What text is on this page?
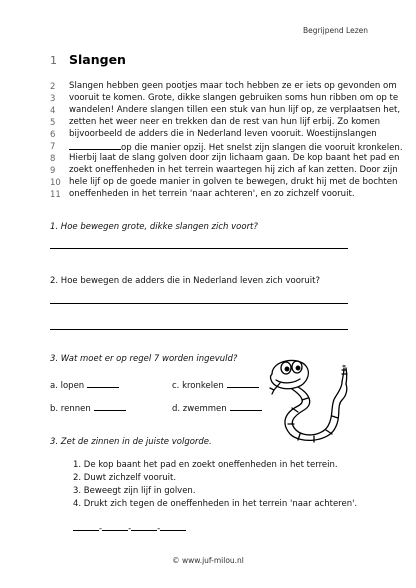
Begrijpend Lezen
1 Slangen
2	Slangen hebben geen pootjes maar toch hebben ze er iets op gevonden om
3	vooruit te komen. Grote, dikke slangen gebruiken soms hun ribben om op te
4	wandelen! Andere slangen tillen een stuk van hun lijf op, ze verplaatsen het,
5	zetten het weer neer en trekken dan de rest van hun lijf erbij. Zo komen
6	bijvoorbeeld de adders die in Nederland leven vooruit. Woestijnslangen
7	op die manier opzij. Het snelst zijn slangen die vooruit kronkelen.
8	Hierbij laat de slang golven door zijn lichaam gaan. De kop baant het pad en
9	zoekt oneffenheden in het terrein waartegen hij zich af kan zetten. Door zijn
10 hele lijf op de goede manier in golven te bewegen, drukt hij met de bochten
11 oneffenheden in het terrein 'naar achteren', en zo zichzelf vooruit.
1. Hoe bewegen grote, dikke slangen zich voort?
2. Hoe bewegen de adders die in Nederland leven zich vooruit?
3. Wat moet er op regel 7 worden ingevuld?
a. lopen	c. kronkelen
b. rennen	d. zwemmen
3. Zet de zinnen in de juiste volgorde.
1. De kop baant het pad en zoekt oneffenheden in het terrein.
2. Duwt zichzelf vooruit.
3. Beweegt zijn lijf in golven.
4. Drukt zich tegen de oneffenheden in het terrein 'naar achteren'.
-	-	-
© www.juf-milou.nl
